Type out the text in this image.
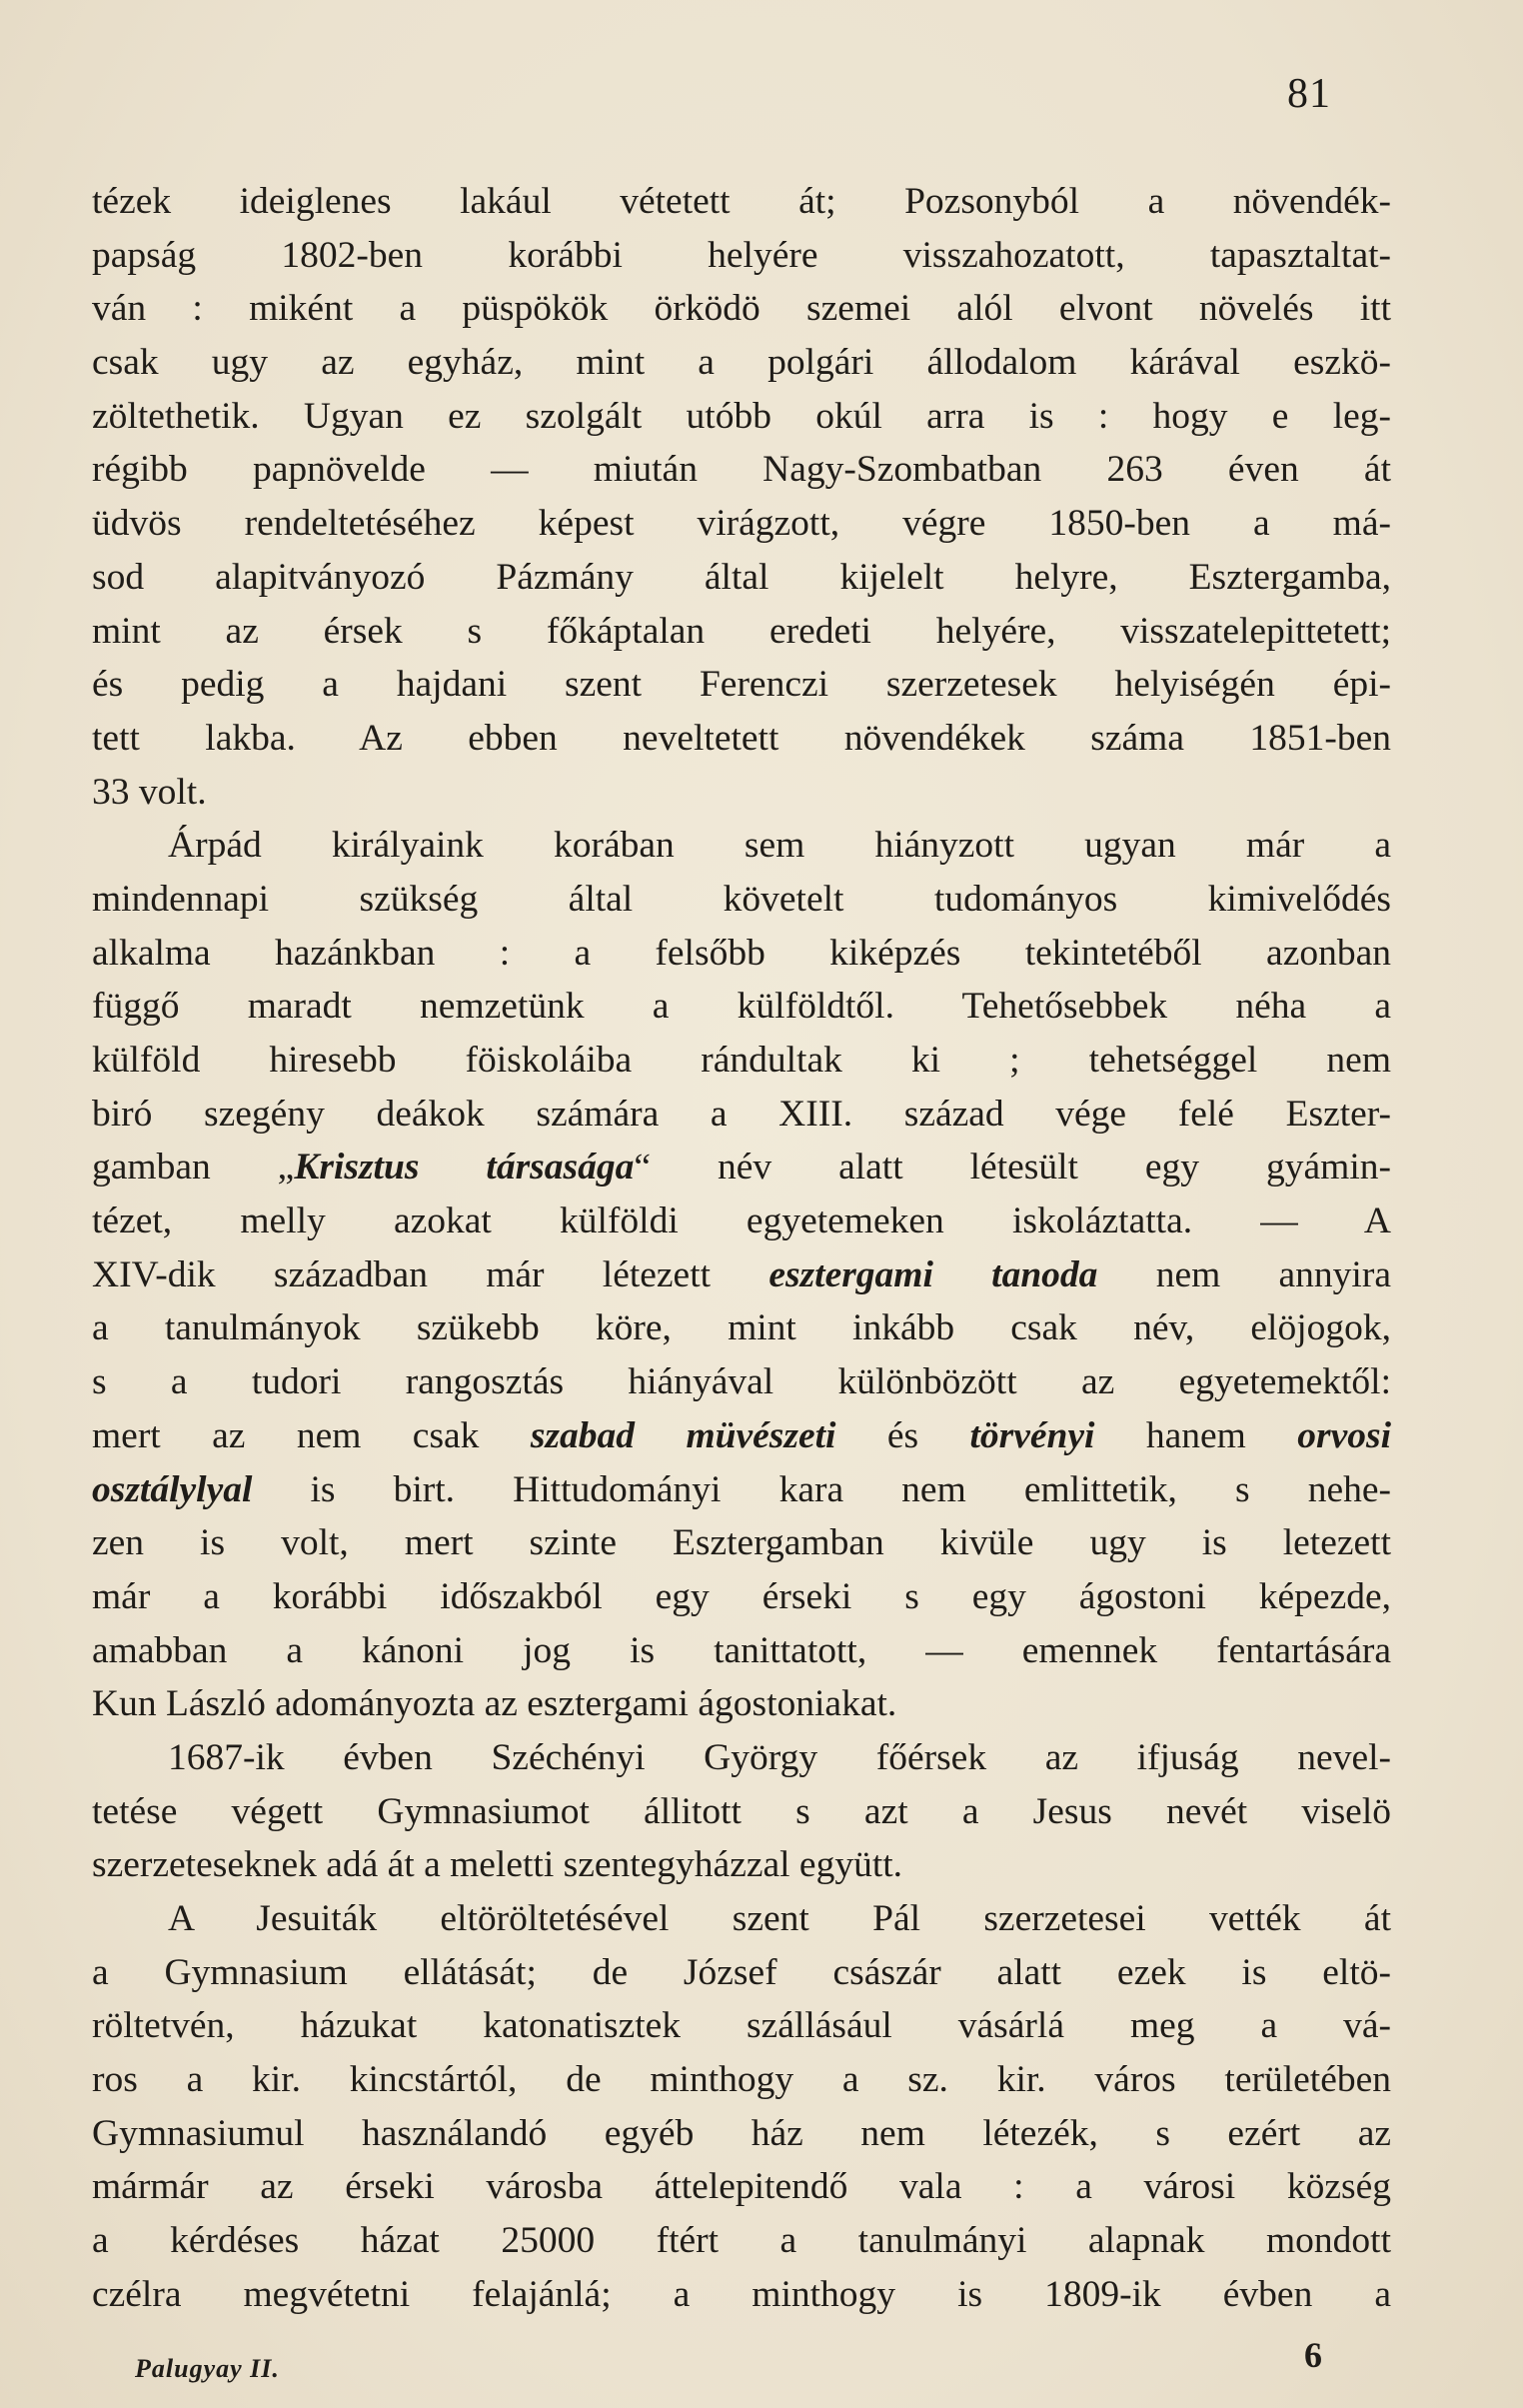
81
tézek ideiglenes lakául vétetett át; Pozsonyból a növendék-
papság 1802-ben korábbi helyére visszahozatott, tapasztaltat-
ván : miként a püspökök örködö szemei alól elvont növelés itt
csak ugy az egyház, mint a polgári állodalom kárával eszkö-
zöltethetik. Ugyan ez szolgált utóbb okúl arra is : hogy e leg-
régibb papnövelde — miután Nagy-Szombatban 263 éven át
üdvös rendeltetéséhez képest virágzott, végre 1850-ben a má-
sod alapitványozó Pázmány által kijelelt helyre, Esztergamba,
mint az érsek s főkáptalan eredeti helyére, visszatelepittetett;
és pedig a hajdani szent Ferenczi szerzetesek helyiségén épi-
tett lakba. Az ebben neveltetett növendékek száma 1851-ben
33 volt.
Árpád királyaink korában sem hiányzott ugyan már a
mindennapi szükség által követelt tudományos kimivelődés
alkalma hazánkban : a felsőbb kiképzés tekintetéből azonban
függő maradt nemzetünk a külföldtől. Tehetősebbek néha a
külföld hiresebb föiskoláiba rándultak ki ; tehetséggel nem
biró szegény deákok számára a XIII. század vége felé Eszter-
gamban „Krisztus társasága“ név alatt létesült egy gyámin-
tézet, melly azokat külföldi egyetemeken iskoláztatta. — A
XIV-dik században már létezett esztergami tanoda nem annyira
a tanulmányok szükebb köre, mint inkább csak név, elöjogok,
s a tudori rangosztás hiányával különbözött az egyetemektől:
mert az nem csak szabad müvészeti és törvényi hanem orvosi
osztálylyal is birt. Hittudományi kara nem emlittetik, s nehe-
zen is volt, mert szinte Esztergamban kivüle ugy is letezett
már a korábbi időszakból egy érseki s egy ágostoni képezde,
amabban a kánoni jog is tanittatott, — emennek fentartására
Kun László adományozta az esztergami ágostoniakat.
1687-ik évben Széchényi György főérsek az ifjuság nevel-
tetése végett Gymnasiumot állitott s azt a Jesus nevét viselö
szerzeteseknek adá át a meletti szentegyházzal együtt.
A Jesuiták eltöröltetésével szent Pál szerzetesei vették át
a Gymnasium ellátását; de József császár alatt ezek is eltö-
röltetvén, házukat katonatisztek szállásául vásárlá meg a vá-
ros a kir. kincstártól, de minthogy a sz. kir. város területében
Gymnasiumul használandó egyéb ház nem létezék, s ezért az
mármár az érseki városba áttelepitendő vala : a városi község
a kérdéses házat 25000 ftért a tanulmányi alapnak mondott
czélra megvétetni felajánlá; a minthogy is 1809-ik évben a
Palugyay II.	6
